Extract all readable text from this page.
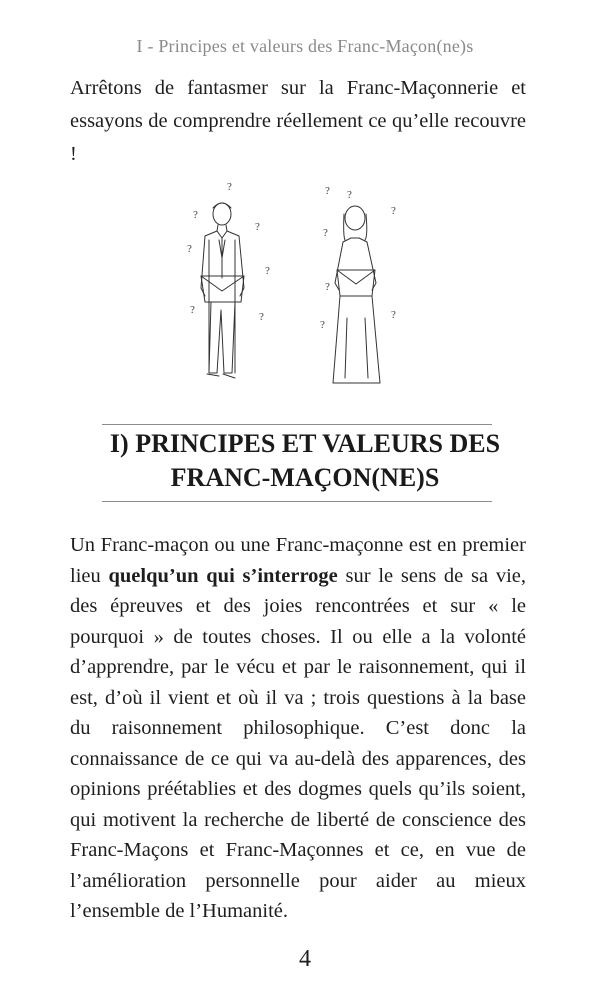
I - Principes et valeurs des Franc-Maçon(ne)s

Arrêtons de fantasmer sur la Franc-Maçonnerie et essayons de comprendre réellement ce qu’elle recouvre !

?
?
?
?
?
?
?
? ?
?
?
?
?
?
I) PRINCIPES ET VALEURS DES
FRANC-MAÇON(NE)S

Un Franc-maçon ou une Franc-maçonne est en premier lieu quelqu’un qui s’interroge sur le sens de sa vie, des épreuves et des joies rencontrées et sur « le pourquoi » de toutes choses. Il ou elle a la volonté d’apprendre, par le vécu et par le raisonnement, qui il est, d’où il vient et où il va ; trois questions à la base du raisonnement philosophique. C’est donc la connaissance de ce qui va au-delà des apparences, des opinions préétablies et des dogmes quels qu’ils soient, qui motivent la recherche de liberté de conscience des Franc-Maçons et Franc-Maçonnes et ce, en vue de l’amélioration personnelle pour aider au mieux l’ensemble de l’Humanité.

4
